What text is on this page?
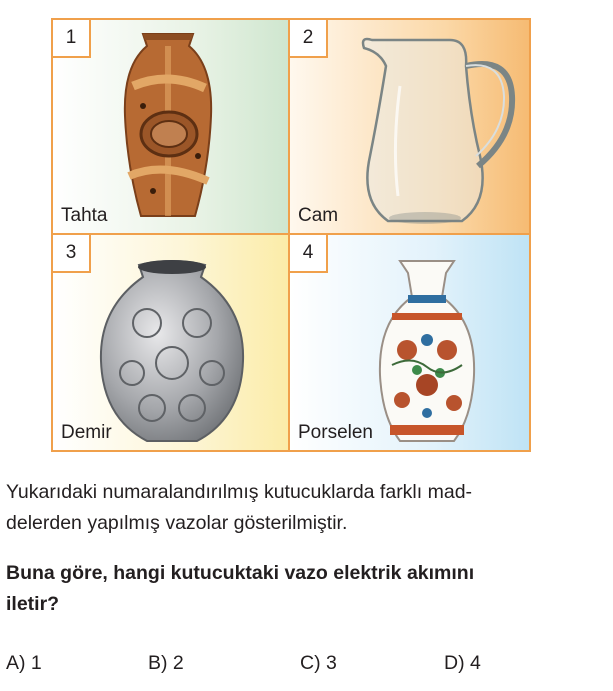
1
Tahta
2
Cam
3
Demir
4
Porselen
Yukarıdaki numaralandırılmış kutucuklarda farklı mad-
delerden yapılmış vazolar gösterilmiştir.
Buna göre, hangi kutucuktaki vazo elektrik akımını
iletir?
A) 1	B) 2	C) 3	D) 4
